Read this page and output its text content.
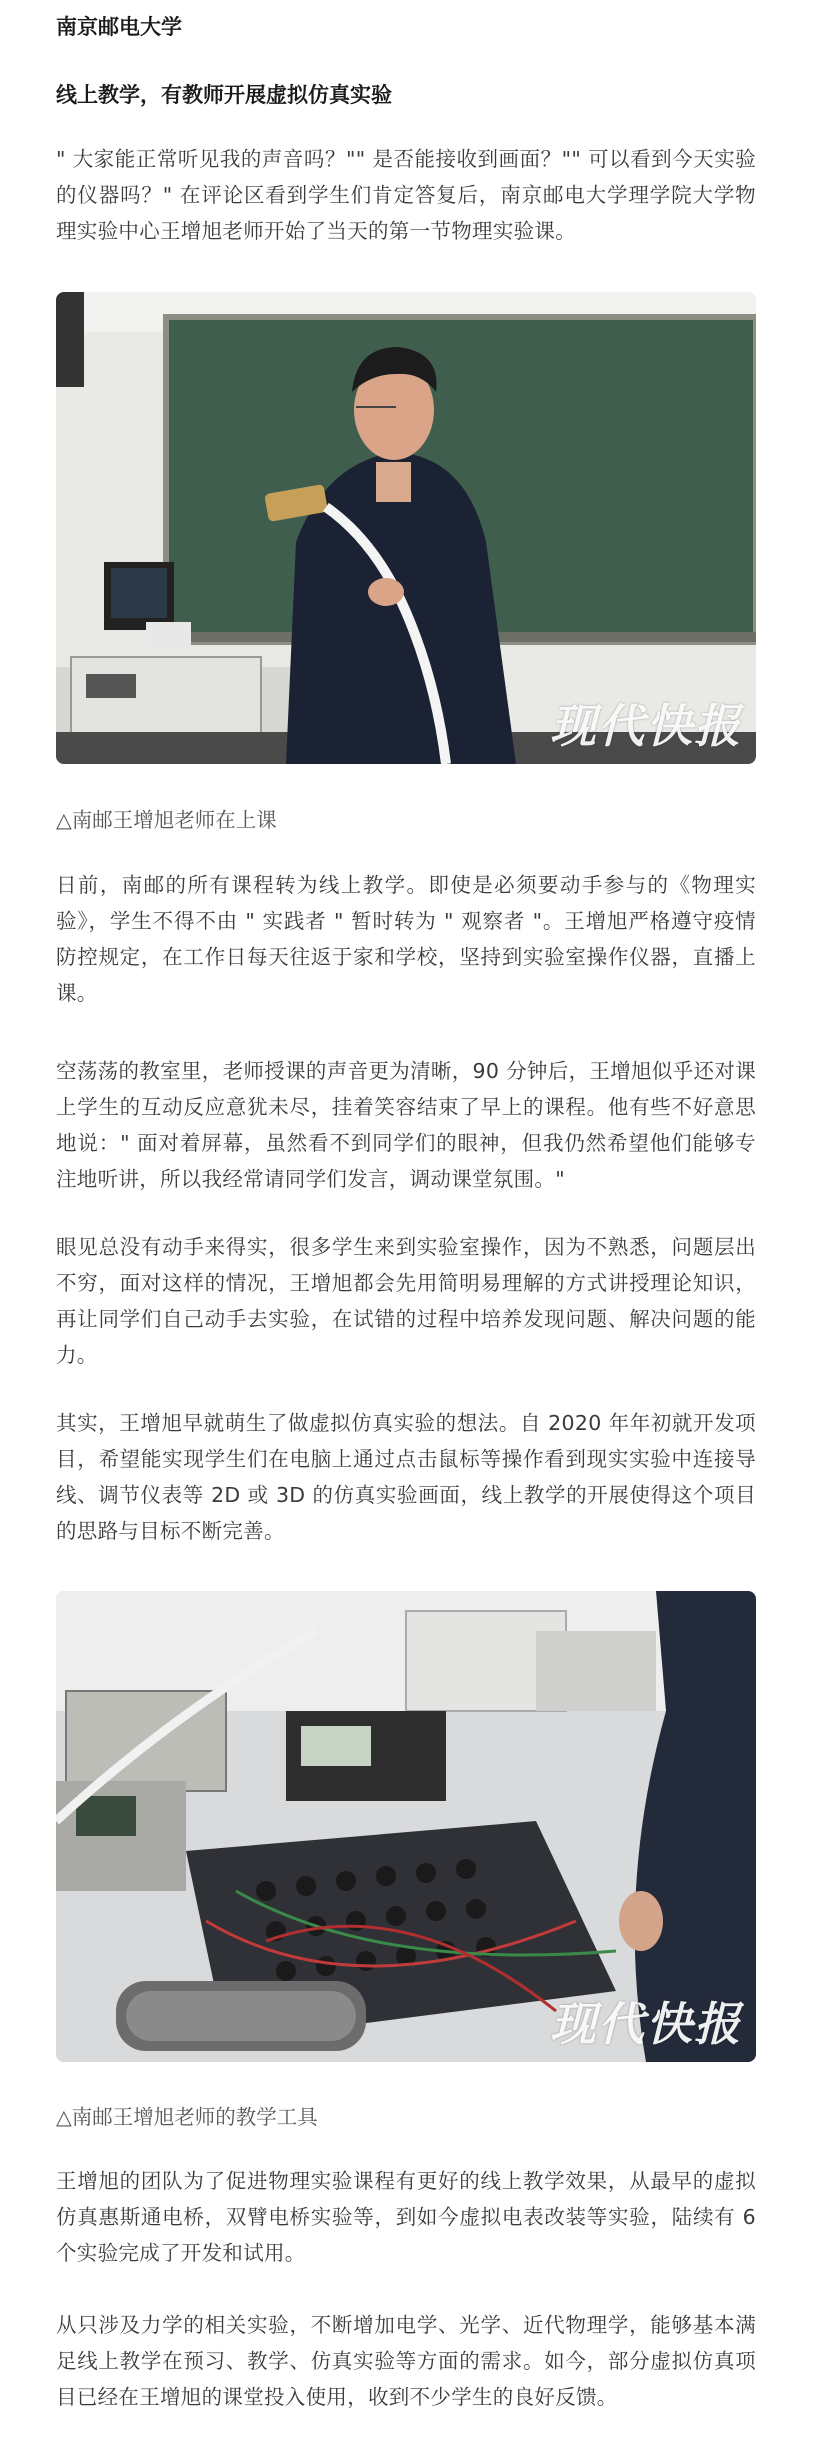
南京邮电大学
线上教学，有教师开展虚拟仿真实验

" 大家能正常听见我的声音吗？"" 是否能接收到画面？"" 可以看到今天实验的仪器吗？" 在评论区看到学生们肯定答复后，南京邮电大学理学院大学物理实验中心王增旭老师开始了当天的第一节物理实验课。

现代快报
△南邮王增旭老师在上课

日前，南邮的所有课程转为线上教学。即使是必须要动手参与的《物理实验》，学生不得不由 " 实践者 " 暂时转为 " 观察者 "。王增旭严格遵守疫情防控规定，在工作日每天往返于家和学校，坚持到实验室操作仪器，直播上课。

空荡荡的教室里，老师授课的声音更为清晰，90 分钟后，王增旭似乎还对课上学生的互动反应意犹未尽，挂着笑容结束了早上的课程。他有些不好意思地说：" 面对着屏幕，虽然看不到同学们的眼神，但我仍然希望他们能够专注地听讲，所以我经常请同学们发言，调动课堂氛围。"

眼见总没有动手来得实，很多学生来到实验室操作，因为不熟悉，问题层出不穷，面对这样的情况，王增旭都会先用简明易理解的方式讲授理论知识，再让同学们自己动手去实验，在试错的过程中培养发现问题、解决问题的能力。

其实，王增旭早就萌生了做虚拟仿真实验的想法。自 2020 年年初就开发项目，希望能实现学生们在电脑上通过点击鼠标等操作看到现实实验中连接导线、调节仪表等 2D 或 3D 的仿真实验画面，线上教学的开展使得这个项目的思路与目标不断完善。

现代快报
△南邮王增旭老师的教学工具

王增旭的团队为了促进物理实验课程有更好的线上教学效果，从最早的虚拟仿真惠斯通电桥，双臂电桥实验等，到如今虚拟电表改装等实验，陆续有 6 个实验完成了开发和试用。

从只涉及力学的相关实验，不断增加电学、光学、近代物理学，能够基本满足线上教学在预习、教学、仿真实验等方面的需求。如今，部分虚拟仿真项目已经在王增旭的课堂投入使用，收到不少学生的良好反馈。
